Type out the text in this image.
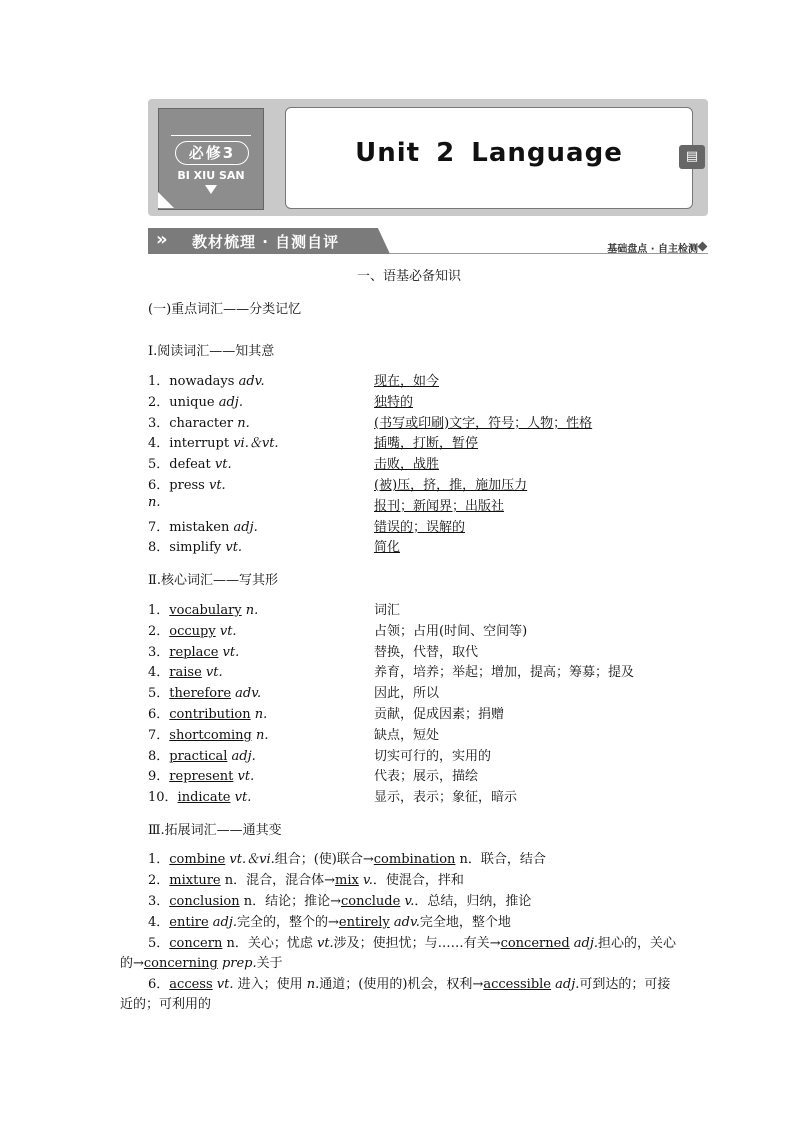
必修3
BI XIU SAN
Unit 2 Language	▤
» 教材梳理 · 自测自评	基础盘点 · 自主检测
一、语基必备知识
(一)重点词汇——分类记忆
Ⅰ.阅读词汇——知其意
1．nowadays adv.	现在，如今
2．unique adj.	独特的
3．character n.	(书写或印刷)文字，符号；人物；性格
4．interrupt vi.＆vt.	插嘴，打断，暂停
5．defeat vt.	击败，战胜
6．press vt.	(被)压，挤，推，施加压力
n.	报刊；新闻界；出版社
7．mistaken adj.	错误的；误解的
8．simplify vt.	简化
Ⅱ.核心词汇——写其形
1．vocabulary n.	词汇
2．occupy vt.	占领；占用(时间、空间等)
3．replace vt.	替换，代替，取代
4．raise vt.	养育，培养；举起；增加，提高；筹募；提及
5．therefore adv.	因此，所以
6．contribution n.	贡献，促成因素；捐赠
7．shortcoming n.	缺点，短处
8．practical adj.	切实可行的，实用的
9．represent vt.	代表；展示，描绘
10．indicate vt.	显示，表示；象征，暗示
Ⅲ.拓展词汇——通其变
1．combine vt.＆vi.组合；(使)联合→combination n．联合，结合
2．mixture n．混合，混合体→mix v.．使混合，拌和
3．conclusion n．结论；推论→conclude v.．总结，归纳，推论
4．entire adj.完全的，整个的→entirely adv.完全地，整个地
5．concern n．关心；忧虑 vt.涉及；使担忧；与……有关→concerned adj.担心的，关心
的→concerning prep.关于
6．access vt. 进入；使用 n.通道；(使用的)机会，权利→accessible adj.可到达的；可接
近的；可利用的
